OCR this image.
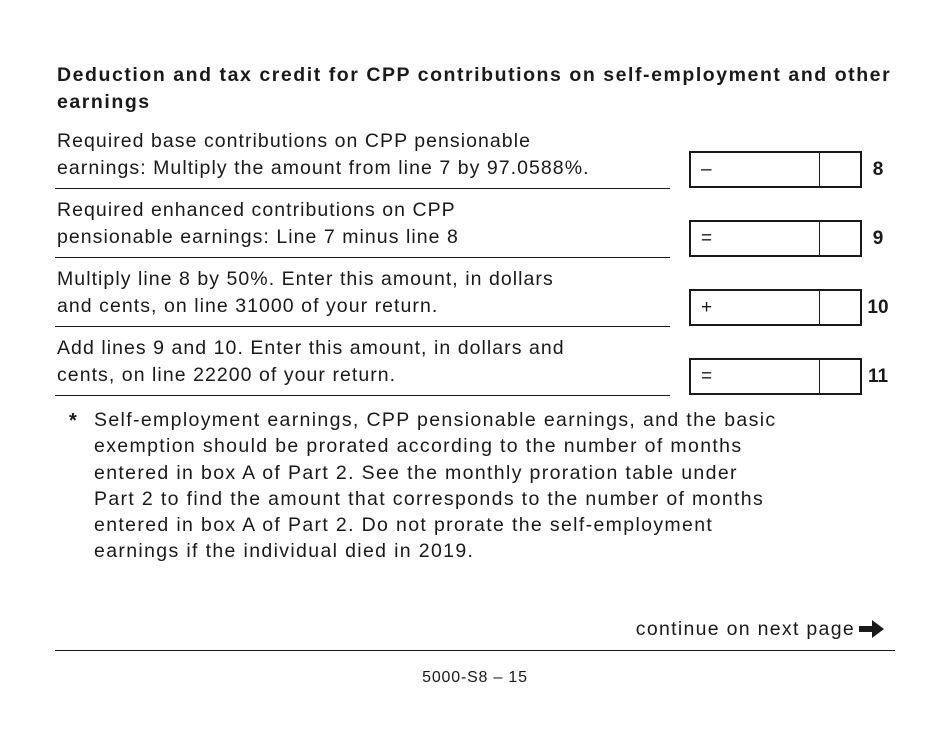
Deduction and tax credit for CPP contributions on self-employment and other earnings
Required base contributions on CPP pensionable
earnings: Multiply the amount from line 7 by 97.0588%.	–	8
Required enhanced contributions on CPP
pensionable earnings: Line 7 minus line 8	=	9
Multiply line 8 by 50%. Enter this amount, in dollars
and cents, on line 31000 of your return.	+	10
Add lines 9 and 10. Enter this amount, in dollars and
cents, on line 22200 of your return.	=	11
* Self-employment earnings, CPP pensionable earnings, and the basic
exemption should be prorated according to the number of months
entered in box A of Part 2. See the monthly proration table under
Part 2 to find the amount that corresponds to the number of months
entered in box A of Part 2. Do not prorate the self-employment
earnings if the individual died in 2019.
continue on next page
5000-S8 – 15
